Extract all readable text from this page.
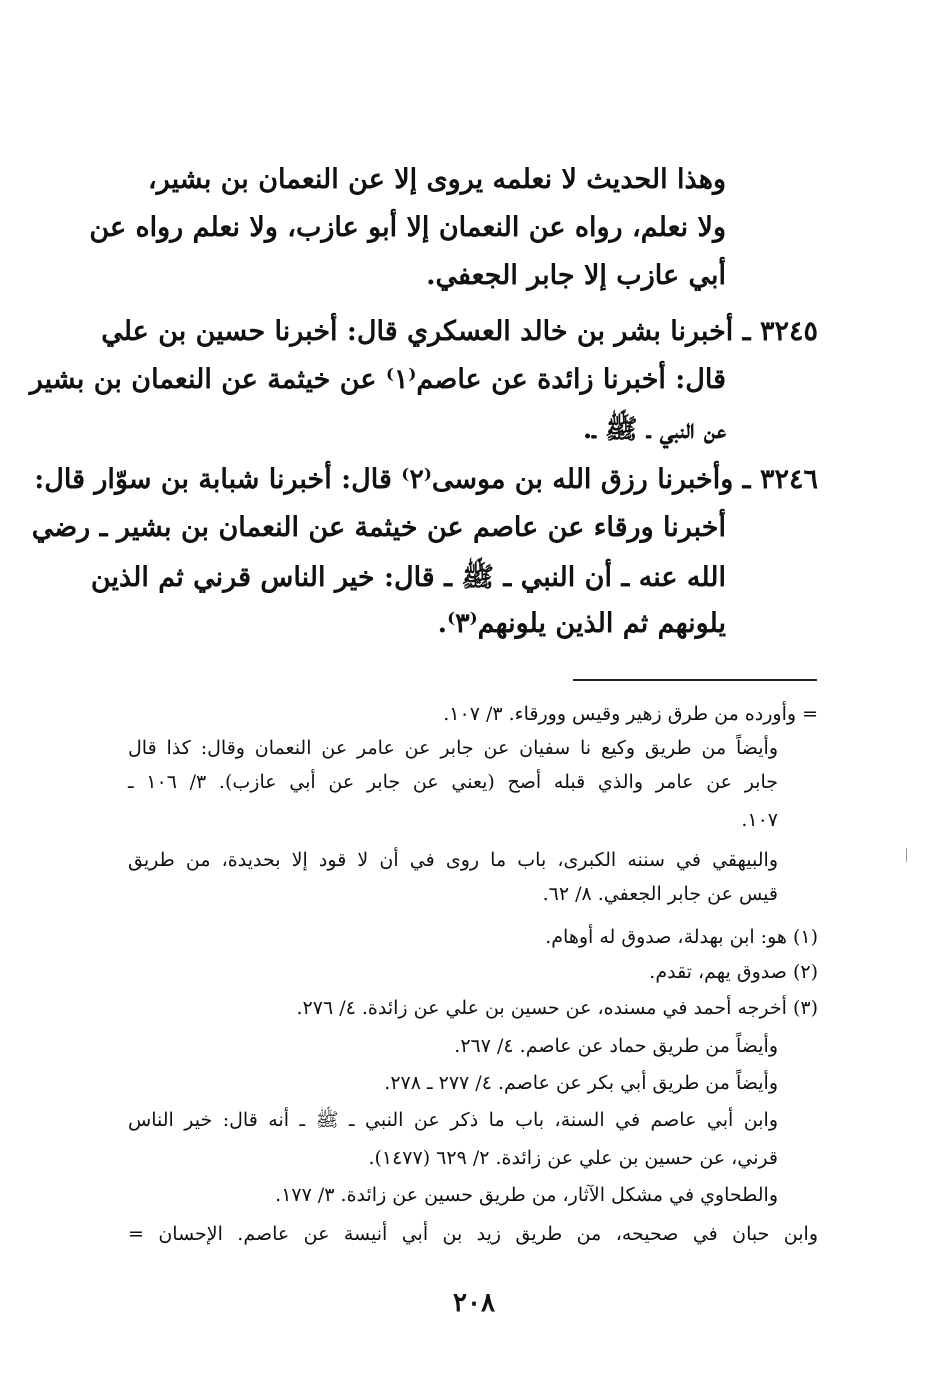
وهذا الحديث لا نعلمه يروى إلا عن النعمان بن بشير،

ولا نعلم، رواه عن النعمان إلا أبو عازب، ولا نعلم رواه عن

أبي عازب إلا جابر الجعفي.

٣٢٤٥ ـ أخبرنا بشر بن خالد العسكري قال: أخبرنا حسين بن علي

قال: أخبرنا زائدة عن عاصم⁽١⁾ عن خيثمة عن النعمان بن بشير

عن النبي ـ ﷺ ـ.

٣٢٤٦ ـ وأخبرنا رزق الله بن موسى⁽٢⁾ قال: أخبرنا شبابة بن سوّار قال:

أخبرنا ورقاء عن عاصم عن خيثمة عن النعمان بن بشير ـ رضي

الله عنه ـ أن النبي ـ ﷺ ـ قال: خير الناس قرني ثم الذين

يلونهم ثم الذين يلونهم⁽٣⁾.

= وأورده من طرق زهير وقيس وورقاء. ٣/ ١٠٧.

وأيضاً من طريق وكيع نا سفيان عن جابر عن عامر عن النعمان وقال: كذا قال

جابر عن عامر والذي قبله أصح (يعني عن جابر عن أبي عازب). ٣/ ١٠٦ ـ

١٠٧.

والبيهقي في سننه الكبرى، باب ما روى في أن لا قود إلا بحديدة، من طريق

قيس عن جابر الجعفي. ٨/ ٦٢.

(١) هو: ابن بهدلة، صدوق له أوهام.

(٢) صدوق يهم، تقدم.

(٣) أخرجه أحمد في مسنده، عن حسين بن علي عن زائدة. ٤/ ٢٧٦.

وأيضاً من طريق حماد عن عاصم. ٤/ ٢٦٧.

وأيضاً من طريق أبي بكر عن عاصم. ٤/ ٢٧٧ ـ ٢٧٨.

وابن أبي عاصم في السنة، باب ما ذكر عن النبي ـ ﷺ ـ أنه قال: خير الناس

قرني، عن حسين بن علي عن زائدة. ٢/ ٦٢٩ (١٤٧٧).

والطحاوي في مشكل الآثار، من طريق حسين عن زائدة. ٣/ ١٧٧.

وابن حبان في صحيحه، من طريق زيد بن أبي أنيسة عن عاصم. الإحسان =

٢٠٨
